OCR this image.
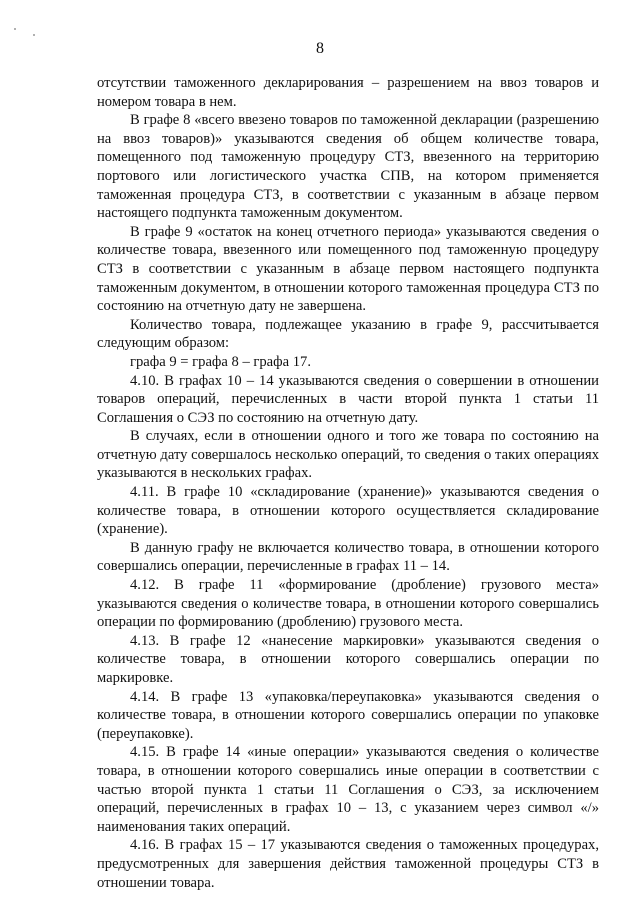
8

отсутствии таможенного декларирования – разрешением на ввоз товаров и номером товара в нем.

В графе 8 «всего ввезено товаров по таможенной декларации (разрешению на ввоз товаров)» указываются сведения об общем количестве товара, помещенного под таможенную процедуру СТЗ, ввезенного на территорию портового или логистического участка СПВ, на котором применяется таможенная процедура СТЗ, в соответствии с указанным в абзаце первом настоящего подпункта таможенным документом.

В графе 9 «остаток на конец отчетного периода» указываются сведения о количестве товара, ввезенного или помещенного под таможенную процедуру СТЗ в соответствии с указанным в абзаце первом настоящего подпункта таможенным документом, в отношении которого таможенная процедура СТЗ по состоянию на отчетную дату не завершена.

Количество товара, подлежащее указанию в графе 9, рассчитывается следующим образом:

графа 9 = графа 8 – графа 17.

4.10. В графах 10 – 14 указываются сведения о совершении в отношении товаров операций, перечисленных в части второй пункта 1 статьи 11 Соглашения о СЭЗ по состоянию на отчетную дату.

В случаях, если в отношении одного и того же товара по состоянию на отчетную дату совершалось несколько операций, то сведения о таких операциях указываются в нескольких графах.

4.11. В графе 10 «складирование (хранение)» указываются сведения о количестве товара, в отношении которого осуществляется складирование (хранение).

В данную графу не включается количество товара, в отношении которого совершались операции, перечисленные в графах 11 – 14.

4.12. В графе 11 «формирование (дробление) грузового места» указываются сведения о количестве товара, в отношении которого совершались операции по формированию (дроблению) грузового места.

4.13. В графе 12 «нанесение маркировки» указываются сведения о количестве товара, в отношении которого совершались операции по маркировке.

4.14. В графе 13 «упаковка/переупаковка» указываются сведения о количестве товара, в отношении которого совершались операции по упаковке (переупаковке).

4.15. В графе 14 «иные операции» указываются сведения о количестве товара, в отношении которого совершались иные операции в соответствии с частью второй пункта 1 статьи 11 Соглашения о СЭЗ, за исключением операций, перечисленных в графах 10 – 13, с указанием через символ «/» наименования таких операций.

4.16. В графах 15 – 17 указываются сведения о таможенных процедурах, предусмотренных для завершения действия таможенной процедуры СТЗ в отношении товара.
